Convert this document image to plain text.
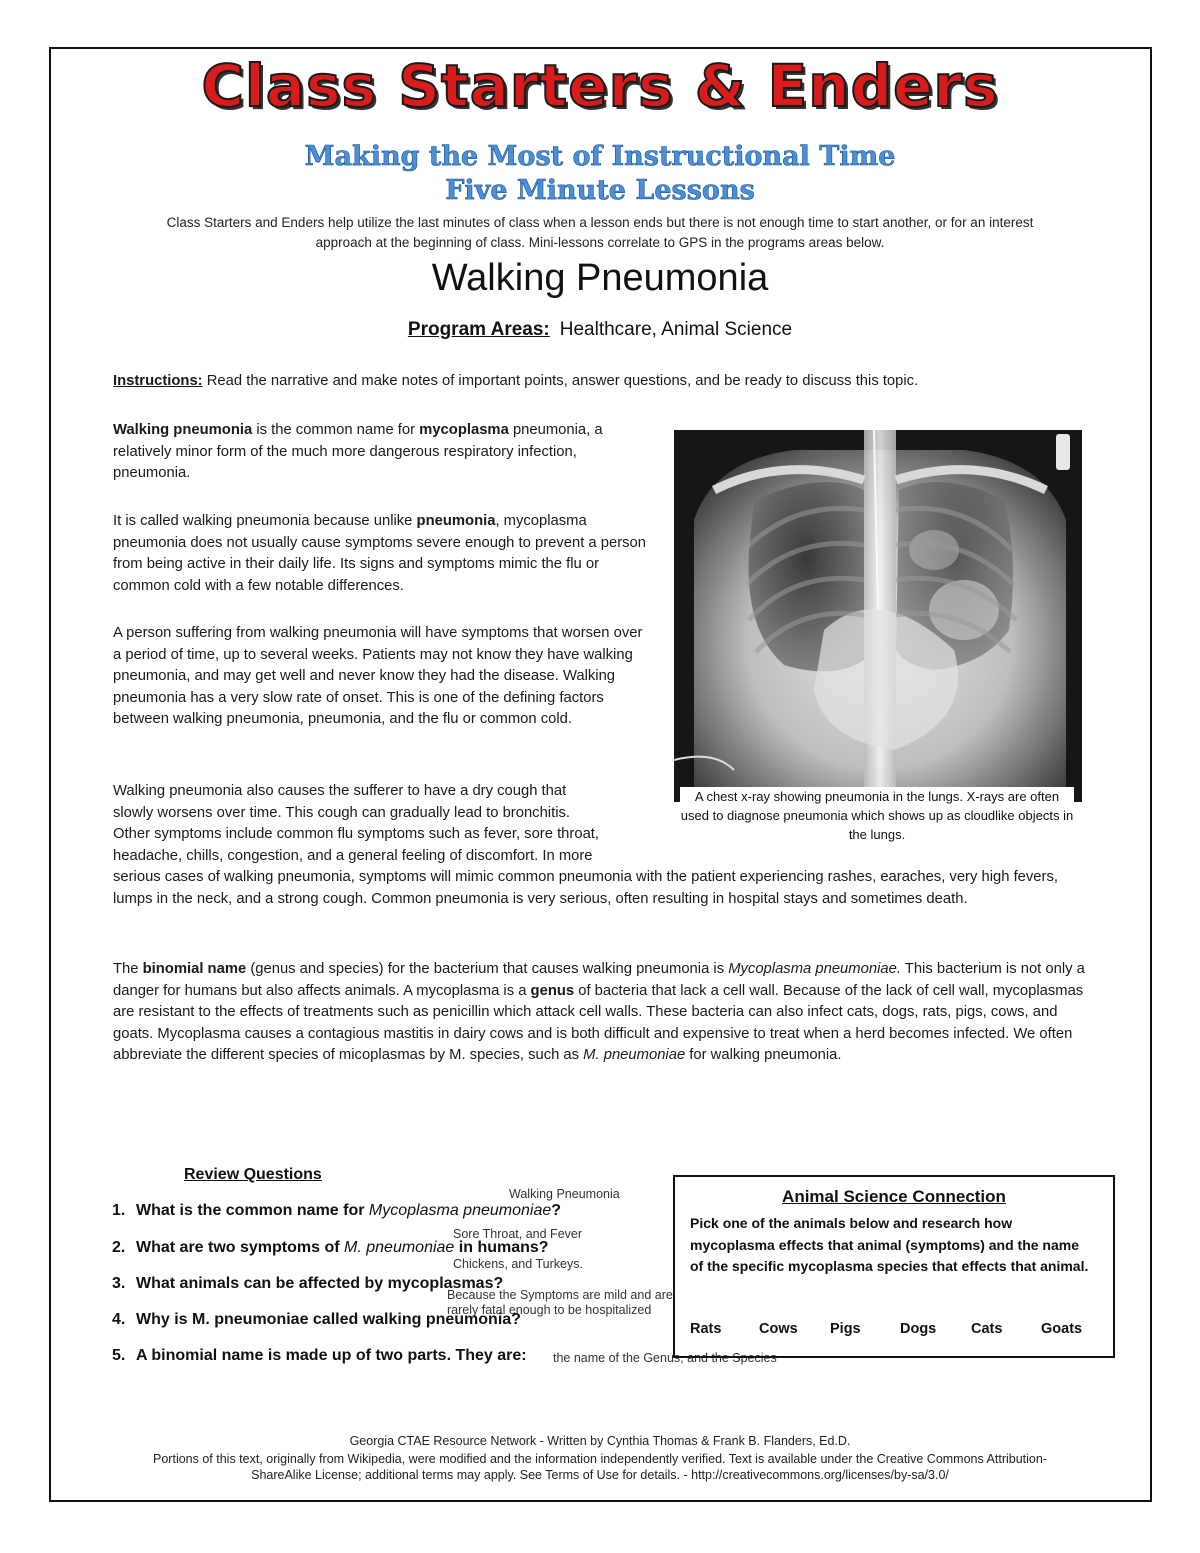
Class Starters & Enders
Making the Most of Instructional Time
Five Minute Lessons
Class Starters and Enders help utilize the last minutes of class when a lesson ends but there is not enough time to start another, or for an interest
approach at the beginning of class. Mini-lessons correlate to GPS in the programs areas below.
Walking Pneumonia
Program Areas: Healthcare, Animal Science
Instructions: Read the narrative and make notes of important points, answer questions, and be ready to discuss this topic.
Walking pneumonia is the common name for mycoplasma pneumonia, a relatively minor form of the much more dangerous respiratory infection, pneumonia.
It is called walking pneumonia because unlike pneumonia, mycoplasma pneumonia does not usually cause symptoms severe enough to prevent a person from being active in their daily life. Its signs and symptoms mimic the flu or common cold with a few notable differences.
A person suffering from walking pneumonia will have symptoms that worsen over a period of time, up to several weeks. Patients may not know they have walking pneumonia, and may get well and never know they had the disease. Walking pneumonia has a very slow rate of onset. This is one of the defining factors between walking pneumonia, pneumonia, and the flu or common cold.
Walking pneumonia also causes the sufferer to have a dry cough that
slowly worsens over time. This cough can gradually lead to bronchitis.
Other symptoms include common flu symptoms such as fever, sore throat,
headache, chills, congestion, and a general feeling of discomfort. In more
serious cases of walking pneumonia, symptoms will mimic common pneumonia with the patient experiencing rashes, earaches, very high fevers, lumps in the neck, and a strong cough. Common pneumonia is very serious, often resulting in hospital stays and sometimes death.
The binomial name (genus and species) for the bacterium that causes walking pneumonia is Mycoplasma pneumoniae. This bacterium is not only a danger for humans but also affects animals. A mycoplasma is a genus of bacteria that lack a cell wall. Because of the lack of cell wall, mycoplasmas are resistant to the effects of treatments such as penicillin which attack cell walls. These bacteria can also infect cats, dogs, rats, pigs, cows, and goats. Mycoplasma causes a contagious mastitis in dairy cows and is both difficult and expensive to treat when a herd becomes infected. We often abbreviate the different species of micoplasmas by M. species, such as M. pneumoniae for walking pneumonia.
A chest x-ray showing pneumonia in the lungs. X-rays are often used to diagnose pneumonia which shows up as cloudlike objects in the lungs.
Review Questions
1. What is the common name for Mycoplasma pneumoniae?
2. What are two symptoms of M. pneumoniae in humans?
3. What animals can be affected by mycoplasmas?
4. Why is M. pneumoniae called walking pneumonia?
5. A binomial name is made up of two parts. They are:
Walking Pneumonia
Sore Throat, and Fever
Chickens, and Turkeys.
Because the Symptoms are mild and are
rarely fatal enough to be hospitalized
the name of the Genus, and the Species
Animal Science Connection
Pick one of the animals below and research how mycoplasma effects that animal (symptoms) and the name of the specific mycoplasma species that effects that animal.
Rats	Cows Pigs	Dogs Cats	Goats
Georgia CTAE Resource Network - Written by Cynthia Thomas & Frank B. Flanders, Ed.D.
Portions of this text, originally from Wikipedia, were modified and the information independently verified. Text is available under the Creative Commons Attribution-
ShareAlike License; additional terms may apply. See Terms of Use for details. - http://creativecommons.org/licenses/by-sa/3.0/
